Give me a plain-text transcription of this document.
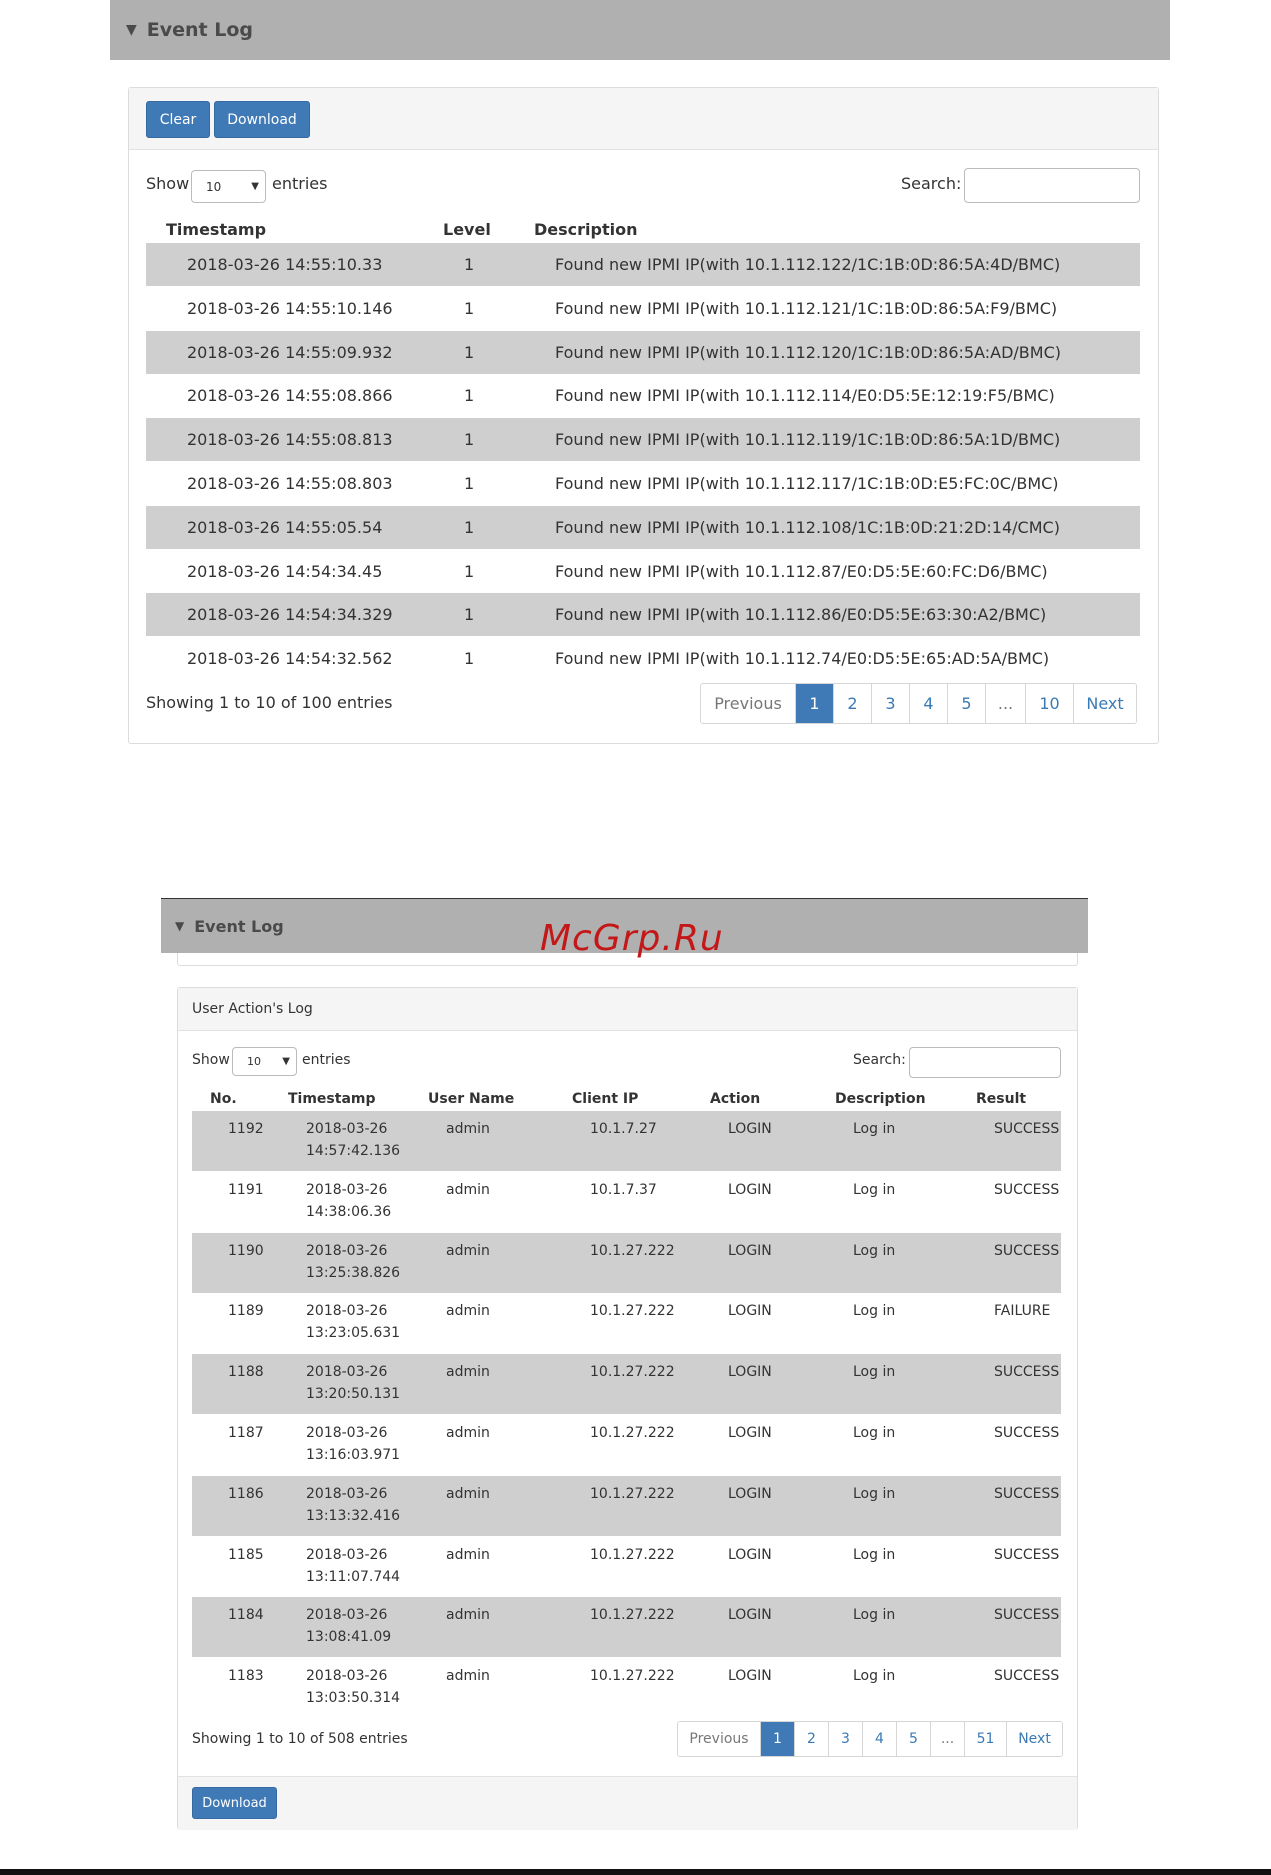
▼ Event Log
Clear	Download
Show 10	▼ entries	Search:
Timestamp	Level	Description
2018-03-26 14:55:10.33	1	Found new IPMI IP(with 10.1.112.122/1C:1B:0D:86:5A:4D/BMC)
2018-03-26 14:55:10.146	1	Found new IPMI IP(with 10.1.112.121/1C:1B:0D:86:5A:F9/BMC)
2018-03-26 14:55:09.932	1	Found new IPMI IP(with 10.1.112.120/1C:1B:0D:86:5A:AD/BMC)
2018-03-26 14:55:08.866	1	Found new IPMI IP(with 10.1.112.114/E0:D5:5E:12:19:F5/BMC)
2018-03-26 14:55:08.813	1	Found new IPMI IP(with 10.1.112.119/1C:1B:0D:86:5A:1D/BMC)
2018-03-26 14:55:08.803	1	Found new IPMI IP(with 10.1.112.117/1C:1B:0D:E5:FC:0C/BMC)
2018-03-26 14:55:05.54	1	Found new IPMI IP(with 10.1.112.108/1C:1B:0D:21:2D:14/CMC)
2018-03-26 14:54:34.45	1	Found new IPMI IP(with 10.1.112.87/E0:D5:5E:60:FC:D6/BMC)
2018-03-26 14:54:34.329	1	Found new IPMI IP(with 10.1.112.86/E0:D5:5E:63:30:A2/BMC)
2018-03-26 14:54:32.562	1	Found new IPMI IP(with 10.1.112.74/E0:D5:5E:65:AD:5A/BMC)
Showing 1 to 10 of 100 entries	Previous	1	2	3	4	5	...	10	Next
▼ Event Log	McGrp.Ru
User Action's Log
Show 10 ▼ entries	Search:
No.	Timestamp	User Name	Client IP	Action	Description	Result
1192	2018-03-26
14:57:42.136
admin	10.1.7.27	LOGIN	Log in	SUCCESS
1191	2018-03-26
14:38:06.36
admin	10.1.7.37	LOGIN	Log in	SUCCESS
1190	2018-03-26
13:25:38.826
admin	10.1.27.222	LOGIN	Log in	SUCCESS
1189	2018-03-26
13:23:05.631
admin	10.1.27.222	LOGIN	Log in	FAILURE
1188	2018-03-26
13:20:50.131
admin	10.1.27.222	LOGIN	Log in	SUCCESS
1187	2018-03-26
13:16:03.971
admin	10.1.27.222	LOGIN	Log in	SUCCESS
1186	2018-03-26
13:13:32.416
admin	10.1.27.222	LOGIN	Log in	SUCCESS
1185	2018-03-26
13:11:07.744
admin	10.1.27.222	LOGIN	Log in	SUCCESS
1184	2018-03-26
13:08:41.09
admin	10.1.27.222	LOGIN	Log in	SUCCESS
1183	2018-03-26
13:03:50.314
admin	10.1.27.222	LOGIN	Log in	SUCCESS
Showing 1 to 10 of 508 entries	Previous	1	2	3	4	5	...	51	Next
Download
